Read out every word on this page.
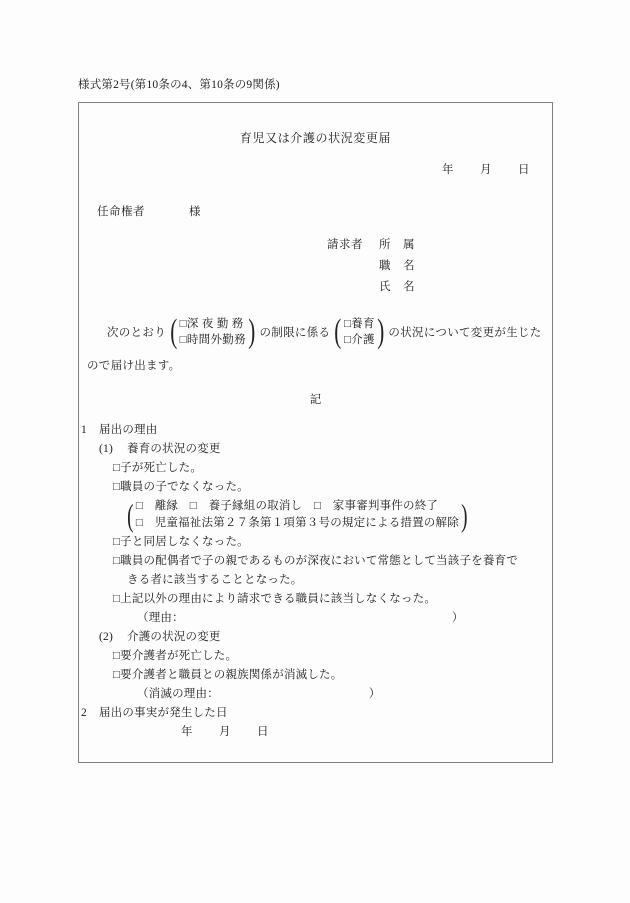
様式第2号(第10条の4、第10条の9関係)
育児又は介護の状況変更届
年 月 日
任命権者	様
請求者 所 属
職 名
氏 名
次のとおり ( □深 夜 勤 務
□時間外勤務 ) の制限に係る ( □養育
□介護 ) の状況について変更が生じた
ので届け出ます。
記
1 届出の理由
(1) 養育の状況の変更
□子が死亡した。
□職員の子でなくなった。
( □　離縁　□　養子縁組の取消し　□　家事審判事件の終了
□　児童福祉法第２７条第１項第３号の規定による措置の解除 )
□子と同居しなくなった。
□職員の配偶者で子の親であるものが深夜において常態として当該子を養育で
きる者に該当することとなった。
□上記以外の理由により請求できる職員に該当しなくなった。
（理由：	）
(2) 介護の状況の変更
□要介護者が死亡した。
□要介護者と職員との親族関係が消滅した。
（消滅の理由：	）
2 届出の事実が発生した日
年 月 日
